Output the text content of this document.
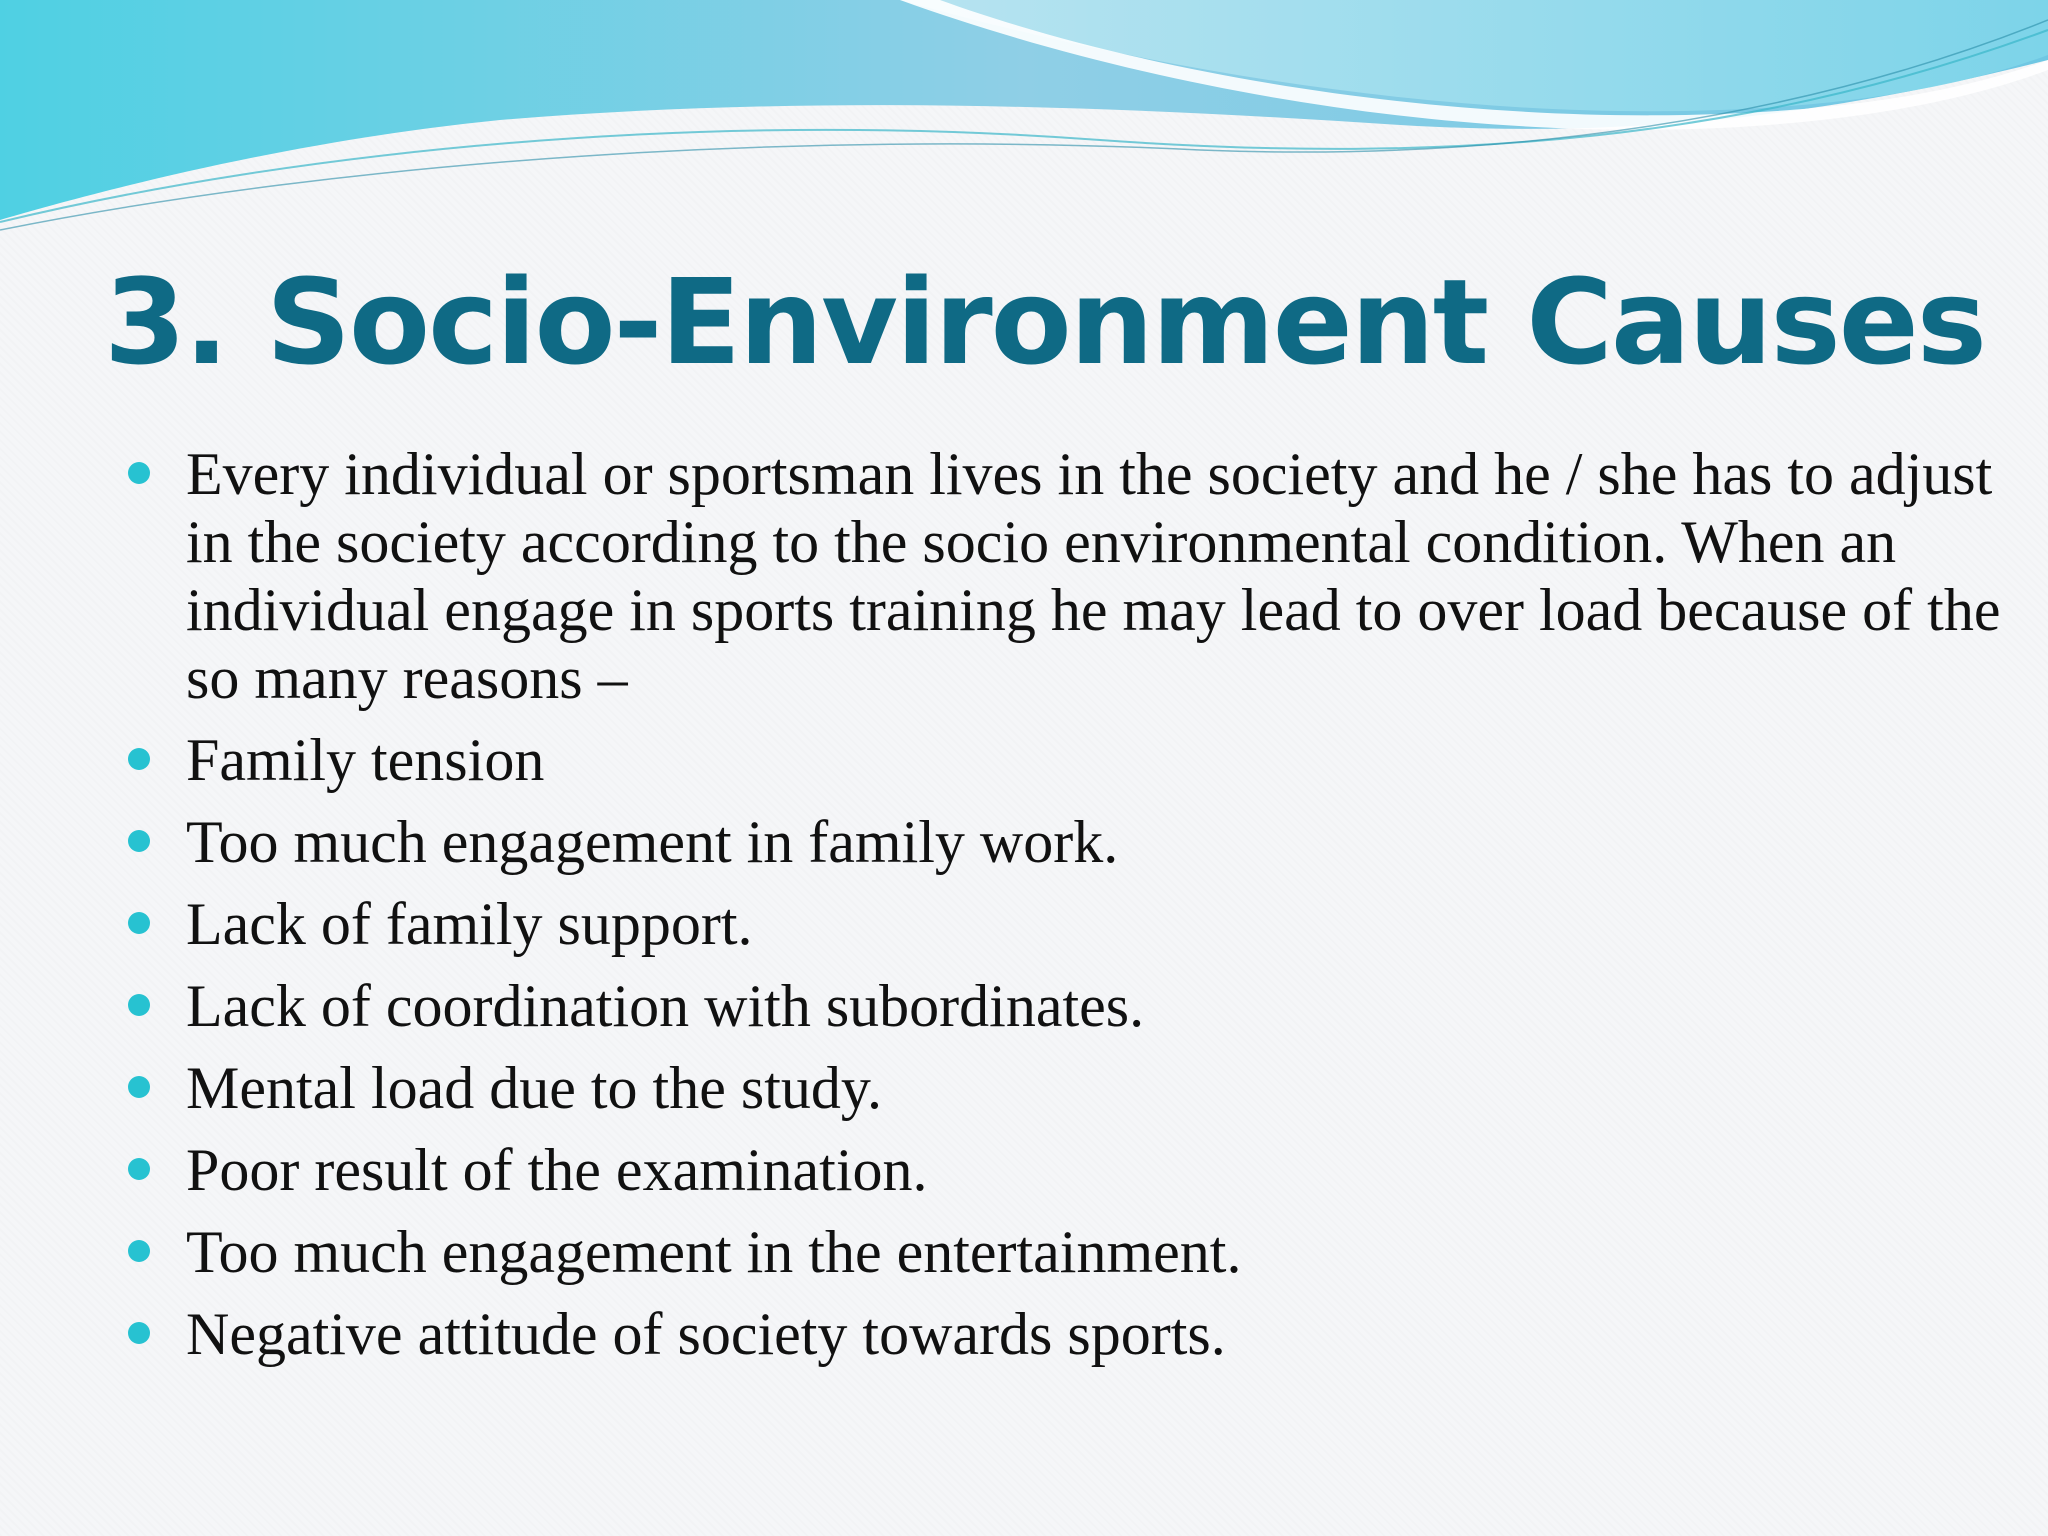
3. Socio-Environment Causes
Every individual or sportsman lives in the society and he / she has to adjust in the society according to the socio environmental condition. When an individual engage in sports training he may lead to over load because of the so many reasons –
Family tension
Too much engagement in family work.
Lack of family support.
Lack of coordination with subordinates.
Mental load due to the study.
Poor result of the examination.
Too much engagement in the entertainment.
Negative attitude of society towards sports.
